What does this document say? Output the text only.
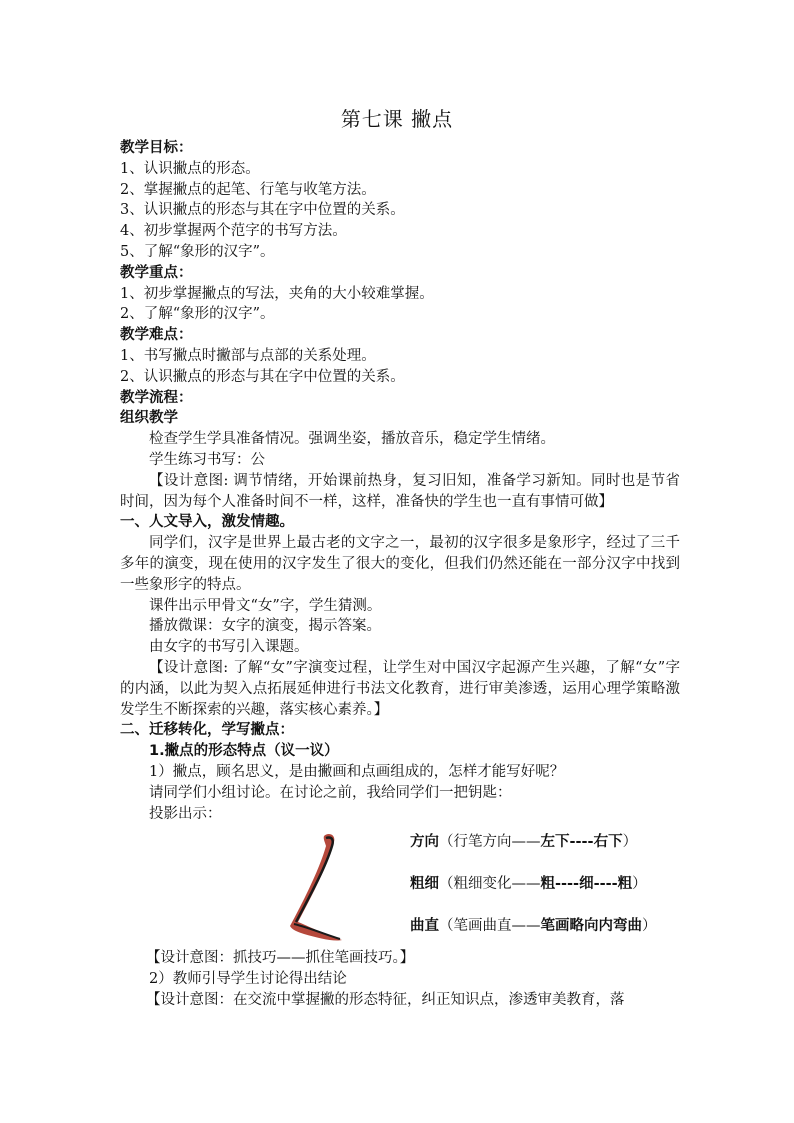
第七课 撇点
教学目标：
1、认识撇点的形态。
2、掌握撇点的起笔、行笔与收笔方法。
3、认识撇点的形态与其在字中位置的关系。
4、初步掌握两个范字的书写方法。
5、了解“象形的汉字”。
教学重点：
1、初步掌握撇点的写法，夹角的大小较难掌握。
2、了解“象形的汉字”。
教学难点：
1、书写撇点时撇部与点部的关系处理。
2、认识撇点的形态与其在字中位置的关系。
教学流程：
组织教学
检查学生学具准备情况。强调坐姿，播放音乐，稳定学生情绪。
学生练习书写：公
【设计意图: 调节情绪，开始课前热身，复习旧知，准备学习新知。同时也是节省时间，因为每个人准备时间不一样，这样，准备快的学生也一直有事情可做】
一、人文导入，激发情趣。
同学们，汉字是世界上最古老的文字之一，最初的汉字很多是象形字，经过了三千多年的演变，现在使用的汉字发生了很大的变化，但我们仍然还能在一部分汉字中找到一些象形字的特点。
课件出示甲骨文“女”字，学生猜测。
播放微课：女字的演变，揭示答案。
由女字的书写引入课题。
【设计意图: 了解“女”字演变过程，让学生对中国汉字起源产生兴趣，了解“女”字的内涵，以此为契入点拓展延伸进行书法文化教育，进行审美渗透，运用心理学策略激发学生不断探索的兴趣，落实核心素养。】
二、迁移转化，学写撇点：
1.撇点的形态特点（议一议）
1）撇点，顾名思义，是由撇画和点画组成的，怎样才能写好呢？
请同学们小组讨论。在讨论之前，我给同学们一把钥匙：
投影出示：
方向（行笔方向——左下----右下）
粗细（粗细变化——粗----细----粗）
曲直（笔画曲直——笔画略向内弯曲）
【设计意图：抓技巧——抓住笔画技巧。】
2）教师引导学生讨论得出结论
【设计意图：在交流中掌握撇的形态特征，纠正知识点，渗透审美教育，落
